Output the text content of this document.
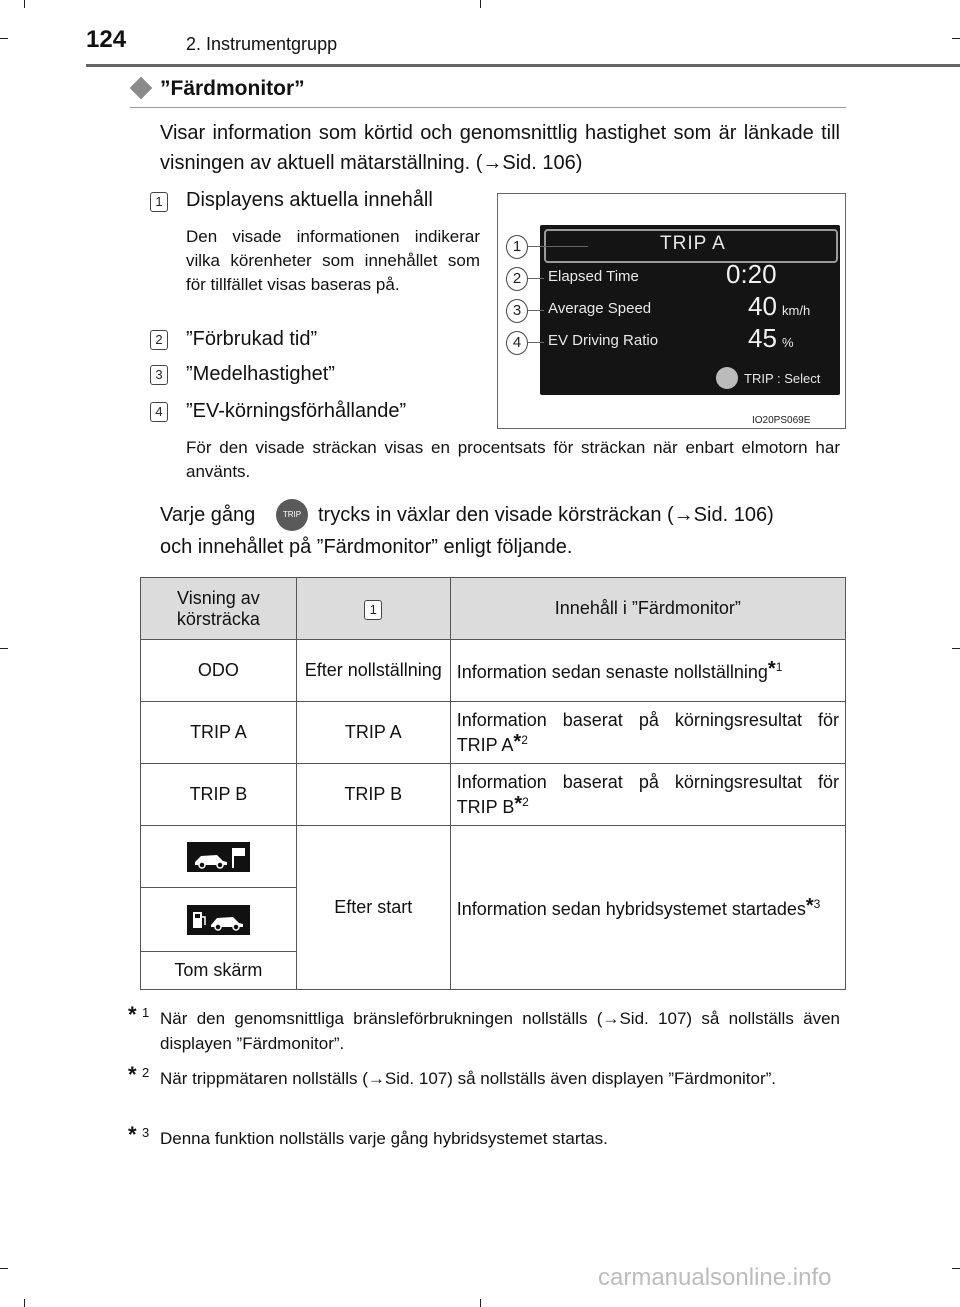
124	2. Instrumentgrupp
”Färdmonitor”
Visar information som körtid och genomsnittlig hastighet som är länkade till visningen av aktuell mätarställning. (→Sid. 106)
1 Displayens aktuella innehåll
Den visade informationen indikerar vilka körenheter som innehållet som för tillfället visas baseras på.
2 ”Förbrukad tid”
3 ”Medelhastighet”
4 ”EV-körningsförhållande”
För den visade sträckan visas en procentsats för sträckan när enbart elmotorn har använts.
TRIP A
Elapsed Time	0:20
Average Speed	40 km/h
EV Driving Ratio	45 %
TRIP : Select
1
2
3
4
IO20PS069E
Varje gång	TRIP trycks in växlar den visade körsträckan (→Sid. 106)
och innehållet på ”Färdmonitor” enligt följande.
Visning av körsträcka	1	Innehåll i ”Färdmonitor”
ODO	Efter nollställning	Information sedan senaste nollställning*$^1$
TRIP A	TRIP A	Information baserat på körningsresultat för TRIP A*$^2$
TRIP B	TRIP B	Information baserat på körningsresultat för TRIP B*$^2$
	Efter start	Information sedan hybridsystemet startades*$^3$

Tom skärm		
* 1 När den genomsnittliga bränsleförbrukningen nollställs (→Sid. 107) så nollställs även displayen ”Färdmonitor”.
* 2 När trippmätaren nollställs (→Sid. 107) så nollställs även displayen ”Färdmonitor”.
* 3 Denna funktion nollställs varje gång hybridsystemet startas.
carmanualsonline.info
